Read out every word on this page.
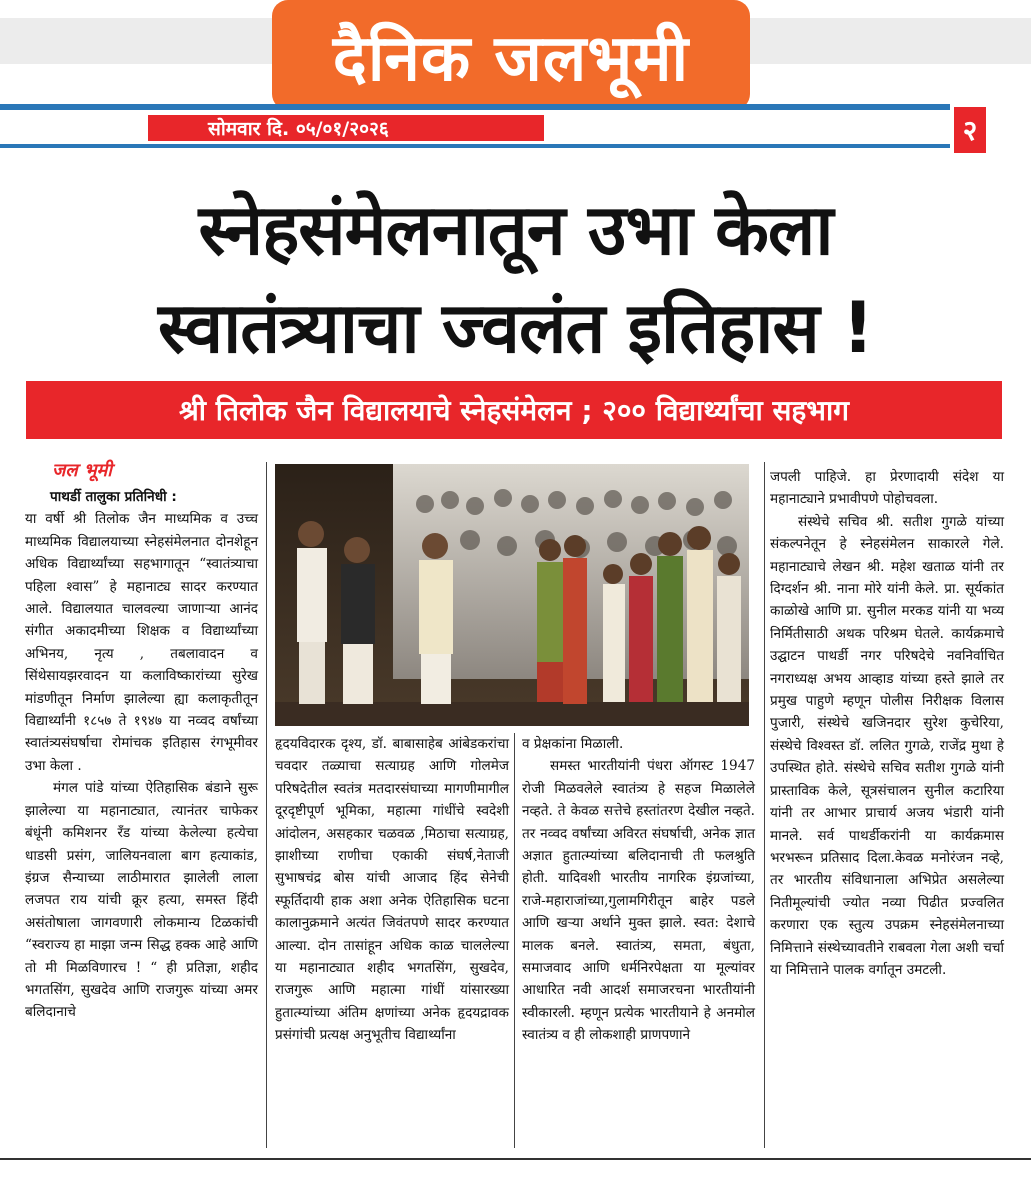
दैनिक जलभूमी
सोमवार दि. ०५/०१/२०२६	२
स्नेहसंमेलनातून उभा केला
स्वातंत्र्याचा ज्वलंत इतिहास !
श्री तिलोक जैन विद्यालयाचे स्नेहसंमेलन ; २०० विद्यार्थ्यांचा सहभाग
जल भूमी

पाथर्डी तालुका प्रतिनिधी :

या वर्षी श्री तिलोक जैन माध्यमिक व उच्च माध्यमिक विद्यालयाच्या स्नेहसंमेलनात दोनशेहून अधिक विद्यार्थ्यांच्या सहभागातून “स्वातंत्र्याचा पहिला श्वास” हे महानाट्य सादर करण्यात आले. विद्यालयात चालवल्या जाणाऱ्या आनंद संगीत अकादमीच्या शिक्षक व विद्यार्थ्यांच्या अभिनय, नृत्य , तबलावादन व सिंथेसायझरवादन या कलाविष्कारांच्या सुरेख मांडणीतून निर्माण झालेल्या ह्या कलाकृतीतून विद्यार्थ्यांनी १८५७ ते १९४७ या नव्वद वर्षांच्या स्वातंत्र्यसंघर्षाचा रोमांचक इतिहास रंगभूमीवर उभा केला .

मंगल पांडे यांच्या ऐतिहासिक बंडाने सुरू झालेल्या या महानाट्यात, त्यानंतर चाफेकर बंधूंनी कमिशनर रँड यांच्या केलेल्या हत्येचा धाडसी प्रसंग, जालियनवाला बाग हत्याकांड, इंग्रज सैन्याच्या लाठीमारात झालेली लाला लजपत राय यांची क्रूर हत्या, समस्त हिंदी असंतोषाला जागवणारी लोकमान्य टिळकांची “स्वराज्य हा माझा जन्म सिद्ध हक्क आहे आणि तो मी मिळविणारच ! “ ही प्रतिज्ञा, शहीद भगतसिंग, सुखदेव आणि राजगुरू यांच्या अमर बलिदानाचे

हृदयविदारक दृश्य, डॉ. बाबासाहेब आंबेडकरांचा चवदार तळ्याचा सत्याग्रह आणि गोलमेज परिषदेतील स्वतंत्र मतदारसंघाच्या मागणीमागील दूरदृष्टीपूर्ण भूमिका, महात्मा गांधींचे स्वदेशी आंदोलन, असहकार चळवळ ,मिठाचा सत्याग्रह, झाशीच्या राणीचा एकाकी संघर्ष,नेताजी सुभाषचंद्र बोस यांची आजाद हिंद सेनेची स्फूर्तिदायी हाक अशा अनेक ऐतिहासिक घटना कालानुक्रमाने अत्यंत जिवंतपणे सादर करण्यात आल्या. दोन तासांहून अधिक काळ चाललेल्या या महानाट्यात शहीद भगतसिंग, सुखदेव, राजगुरू आणि महात्मा गांधीं यांसारख्या हुतात्म्यांच्या अंतिम क्षणांच्या अनेक हृदयद्रावक प्रसंगांची प्रत्यक्ष अनुभूतीच विद्यार्थ्यांना

व प्रेक्षकांना मिळाली.

समस्त भारतीयांनी पंधरा ऑगस्ट 1947 रोजी मिळवलेले स्वातंत्र्य हे सहज मिळालेले नव्हते. ते केवळ सत्तेचे हस्तांतरण देखील नव्हते. तर नव्वद वर्षांच्या अविरत संघर्षाची, अनेक ज्ञात अज्ञात हुतात्म्यांच्या बलिदानाची ती फलश्रुति होती. यादिवशी भारतीय नागरिक इंग्रजांच्या, राजे-महाराजांच्या,गुलामगिरीतून बाहेर पडले आणि खऱ्या अर्थाने मुक्त झाले. स्वत: देशाचे मालक बनले. स्वातंत्र्य, समता, बंधुता, समाजवाद आणि धर्मनिरपेक्षता या मूल्यांवर आधारित नवी आदर्श समाजरचना भारतीयांनी स्वीकारली. म्हणून प्रत्येक भारतीयाने हे अनमोल स्वातंत्र्य व ही लोकशाही प्राणपणाने

जपली पाहिजे. हा प्रेरणादायी संदेश या महानाट्याने प्रभावीपणे पोहोचवला.

संस्थेचे सचिव श्री. सतीश गुगळे यांच्या संकल्पनेतून हे स्नेहसंमेलन साकारले गेले. महानाट्याचे लेखन श्री. महेश खताळ यांनी तर दिग्दर्शन श्री. नाना मोरे यांनी केले. प्रा. सूर्यकांत काळोखे आणि प्रा. सुनील मरकड यांनी या भव्य निर्मितीसाठी अथक परिश्रम घेतले. कार्यक्रमाचे उद्घाटन पाथर्डी नगर परिषदेचे नवनिर्वाचित नगराध्यक्ष अभय आव्हाड यांच्या हस्ते झाले तर प्रमुख पाहुणे म्हणून पोलीस निरीक्षक विलास पुजारी, संस्थेचे खजिनदार सुरेश कुचेरिया, संस्थेचे विश्वस्त डॉ. ललित गुगळे, राजेंद्र मुथा हे उपस्थित होते. संस्थेचे सचिव सतीश गुगळे यांनी प्रास्ताविक केले, सूत्रसंचालन सुनील कटारिया यांनी तर आभार प्राचार्य अजय भंडारी यांनी मानले. सर्व पाथर्डीकरांनी या कार्यक्रमास भरभरून प्रतिसाद दिला.केवळ मनोरंजन नव्हे, तर भारतीय संविधानाला अभिप्रेत असलेल्या नितीमूल्यांची ज्योत नव्या पिढीत प्रज्वलित करणारा एक स्तुत्य उपक्रम स्नेहसंमेलनाच्या निमित्ताने संस्थेच्यावतीने राबवला गेला अशी चर्चा या निमित्ताने पालक वर्गातून उमटली.
